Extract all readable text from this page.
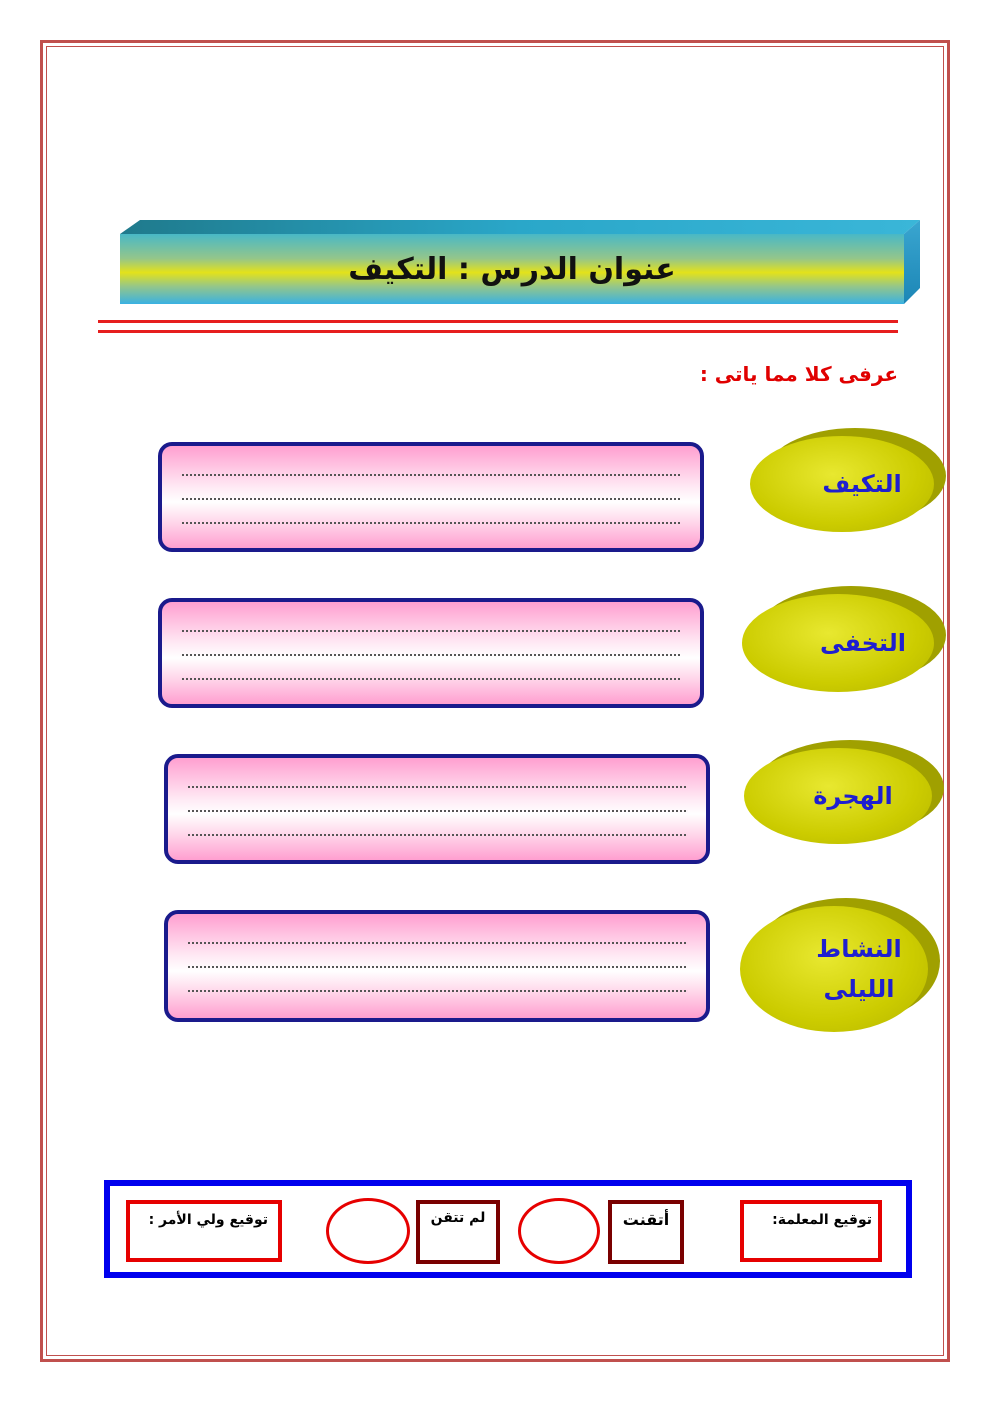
عنوان الدرس : التكيف
عرفى كلا مما ياتى :
التكيف
التخفى
الهجرة
النشاط
الليلى
توقيع المعلمة:
أتقنت
لم تتقن
توقيع ولي الأمر :
